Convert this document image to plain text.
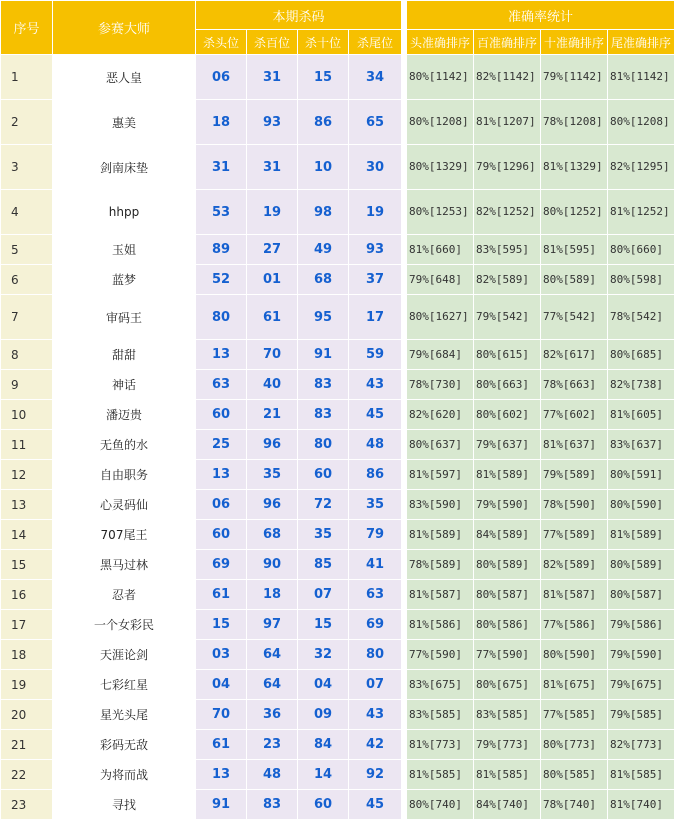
序号	参赛大师	本期杀码					准确率统计			
		杀头位	杀百位	杀十位	杀尾位		头准确排序	百准确排序	十准确排序	尾准确排序
1	恶人皇	06	31	15	34		80%[1142]	82%[1142]	79%[1142]	81%[1142]
2	惠美	18	93	86	65		80%[1208]	81%[1207]	78%[1208]	80%[1208]
3	剑南床垫	31	31	10	30		80%[1329]	79%[1296]	81%[1329]	82%[1295]
4	hhpp	53	19	98	19		80%[1253]	82%[1252]	80%[1252]	81%[1252]
5	玉姐	89	27	49	93		81%[660]	83%[595]	81%[595]	80%[660]
6	蓝梦	52	01	68	37		79%[648]	82%[589]	80%[589]	80%[598]
7	审码王	80	61	95	17		80%[1627]	79%[542]	77%[542]	78%[542]
8	甜甜	13	70	91	59		79%[684]	80%[615]	82%[617]	80%[685]
9	神话	63	40	83	43		78%[730]	80%[663]	78%[663]	82%[738]
10	潘迈贵	60	21	83	45		82%[620]	80%[602]	77%[602]	81%[605]
11	无鱼的水	25	96	80	48		80%[637]	79%[637]	81%[637]	83%[637]
12	自由职务	13	35	60	86		81%[597]	81%[589]	79%[589]	80%[591]
13	心灵码仙	06	96	72	35		83%[590]	79%[590]	78%[590]	80%[590]
14	707尾王	60	68	35	79		81%[589]	84%[589]	77%[589]	81%[589]
15	黑马过林	69	90	85	41		78%[589]	80%[589]	82%[589]	80%[589]
16	忍者	61	18	07	63		81%[587]	80%[587]	81%[587]	80%[587]
17	一个女彩民	15	97	15	69		81%[586]	80%[586]	77%[586]	79%[586]
18	天涯论剑	03	64	32	80		77%[590]	77%[590]	80%[590]	79%[590]
19	七彩红星	04	64	04	07		83%[675]	80%[675]	81%[675]	79%[675]
20	星光头尾	70	36	09	43		83%[585]	83%[585]	77%[585]	79%[585]
21	彩码无敌	61	23	84	42		81%[773]	79%[773]	80%[773]	82%[773]
22	为将而战	13	48	14	92		81%[585]	81%[585]	80%[585]	81%[585]
23	寻找	91	83	60	45		80%[740]	84%[740]	78%[740]	81%[740]
